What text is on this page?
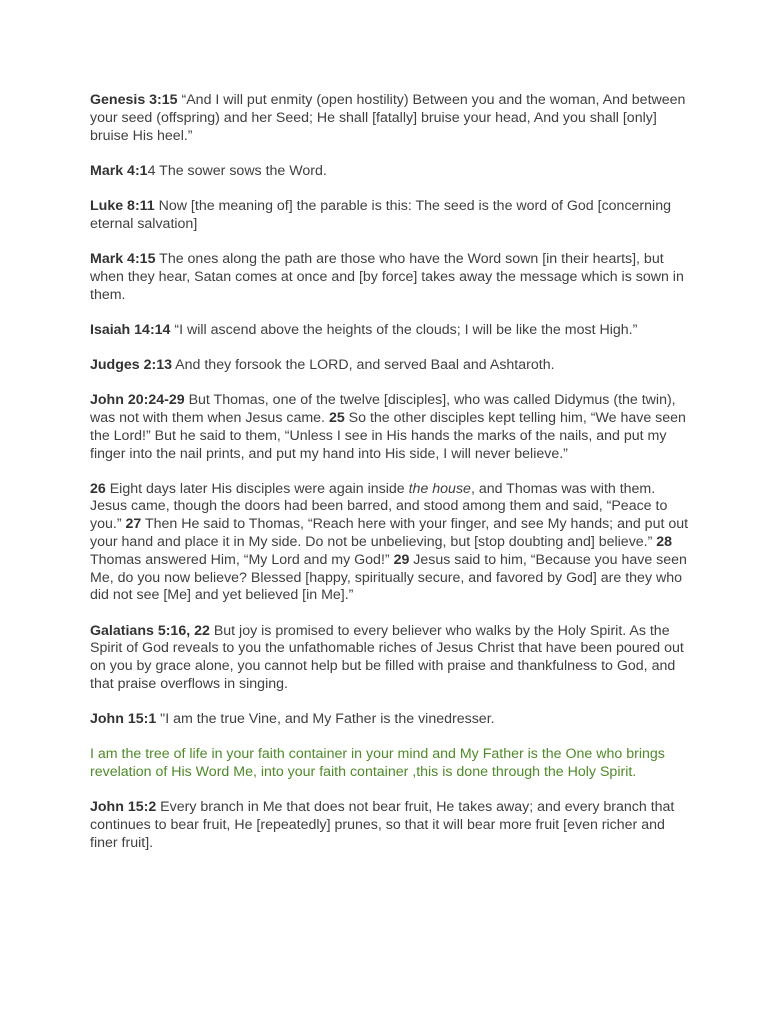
Genesis 3:15 “And I will put enmity (open hostility) Between you and the woman, And between your seed (offspring) and her Seed; He shall [fatally] bruise your head, And you shall [only] bruise His heel.”

Mark 4:14 The sower sows the Word.

Luke 8:11 Now [the meaning of] the parable is this: The seed is the word of God [concerning eternal salvation]

Mark 4:15 The ones along the path are those who have the Word sown [in their hearts], but when they hear, Satan comes at once and [by force] takes away the message which is sown in them.

Isaiah 14:14 “I will ascend above the heights of the clouds; I will be like the most High.”

Judges 2:13 And they forsook the LORD, and served Baal and Ashtaroth.

John 20:24-29 But Thomas, one of the twelve [disciples], who was called Didymus (the twin), was not with them when Jesus came. 25 So the other disciples kept telling him, “We have seen the Lord!” But he said to them, “Unless I see in His hands the marks of the nails, and put my finger into the nail prints, and put my hand into His side, I will never believe.”

26 Eight days later His disciples were again inside the house, and Thomas was with them. Jesus came, though the doors had been barred, and stood among them and said, “Peace to you.” 27 Then He said to Thomas, “Reach here with your finger, and see My hands; and put out your hand and place it in My side. Do not be unbelieving, but [stop doubting and] believe.” 28 Thomas answered Him, “My Lord and my God!” 29 Jesus said to him, “Because you have seen Me, do you now believe? Blessed [happy, spiritually secure, and favored by God] are they who did not see [Me] and yet believed [in Me].”

Galatians 5:16, 22 But joy is promised to every believer who walks by the Holy Spirit. As the Spirit of God reveals to you the unfathomable riches of Jesus Christ that have been poured out on you by grace alone, you cannot help but be filled with praise and thankfulness to God, and that praise overflows in singing.

John 15:1 "I am the true Vine, and My Father is the vinedresser.

I am the tree of life in your faith container in your mind and My Father is the One who brings revelation of His Word Me, into your faith container ,this is done through the Holy Spirit.

John 15:2 Every branch in Me that does not bear fruit, He takes away; and every branch that continues to bear fruit, He [repeatedly] prunes, so that it will bear more fruit [even richer and finer fruit].
